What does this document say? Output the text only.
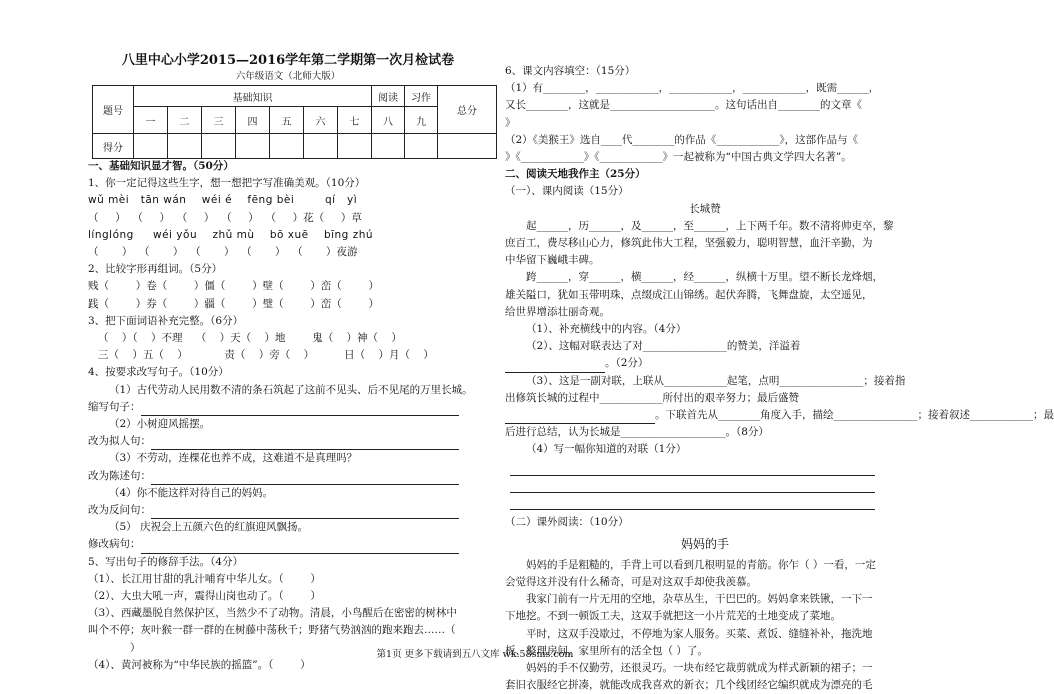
八里中心小学2015—2016学年第二学期第一次月检试卷
六年级语文（北师大版）
题号	基础知识							阅读	习作	总分
	一	二	三	四	五	六	七	八	九	
得分										
一、基础知识显才智。（50分）
1、你一定记得这些生字，想一想把字写准确美观。（10分）
wǔ mèi   tān wán    wéi é    fēng bèi        qí   yì
（     ）  （     ）  （     ）  （     ）  （     ）花（     ）草
línglóng     wéi yǒu    zhǔ mù    bō xuē    bīng zhú
（       ）  （       ）  （       ）  （       ）  （       ）夜游
2、比较字形再组词。（5分）
贱（        ）卷（        ）僵（        ）壁（        ）峦（        ）
践（        ）券（        ）疆（        ）璧（        ）峦（        ）
3、把下面词语补充完整。（6分）
（    ）（    ）不理    （    ）天（    ）地        鬼（    ）神（    ）
三（    ）五（    ）           责（    ）旁（    ）         日（    ）月（    ）
4、按要求改写句子。（10分）
（1）古代劳动人民用数不清的条石筑起了这前不见头、后不见尾的万里长城。
缩写句子：
（2）小树迎风摇摆。
改为拟人句：
（3）不劳动，连棵花也养不成，这难道不是真理吗？
改为陈述句：
（4）你不能这样对待自己的妈妈。
改为反问句：
（5） 庆祝会上五颜六色的红旗迎风飘扬。
修改病句：
5、写出句子的修辞手法。（4分）
（1）、长江用甘甜的乳汁哺育中华儿女。（        ）
（2）、大虫大吼一声，震得山岗也动了。（        ）
（3）、西藏墨脱自然保护区，当然少不了动物。清晨，小鸟醒后在密密的树林中
叫个不停；灰叶猴一群一群的在树藤中荡秋千；野猪气势汹汹的跑来跑去……（
）
（4）、黄河被称为“中华民族的摇篮”。（        ）
6、课文内容填空：（15分）
（1）有________，____________，____________，____________，既需______，
又长________，这就是____________________。这句话出自________的文章《
》
（2）《美猴王》选自____代________的作品《____________》，这部作品与《
》《____________》《____________》一起被称为“中国古典文学四大名著”。
二、阅读天地我作主（25分）
（一）、课内阅读（15分）
长城赞
起______，历______，及______，至______，上下两千年。数不清将帅吏卒，黎
庶百工，费尽移山心力，修筑此伟大工程，坚强毅力，聪明智慧，血汗辛勤，为
中华留下巍峨丰碑。
跨______，穿______，横______，经______，纵横十万里。望不断长龙烽烟，
雄关隘口，犹如玉带明珠，点缀成江山锦绣。起伏奔腾，飞舞盘旋，太空遥见，
给世界增添壮丽奇观。
（1）、补充横线中的内容。（4分）
（2）、这幅对联表达了对________________的赞美，洋溢着
。（2分）
（3）、这是一副对联，上联从____________起笔，点明________________；接着指
出修筑长城的过程中____________所付出的艰辛努力；最后盛赞
。下联首先从________角度入手，描绘________________；接着叙述____________；最
后进行总结，认为长城是____________________。（8分）
（4）写一幅你知道的对联（1分）
（二）课外阅读：（10分）
妈妈的手
妈妈的手是粗糙的，手背上可以看到几根明显的青筋。你乍（ ）一看，一定
会觉得这并没有什么稀奇，可是对这双手却使我羡慕。
我家门前有一片无用的空地，杂草丛生，干巴巴的。妈妈拿来铁锹，一下一
下地挖。不到一顿饭工夫，这双手就把这一小片荒芜的土地变成了菜地。
平时，这双手没歇过，不停地为家人服务。买菜、煮饭、缝缝补补，拖洗地
板、整理房间，家里所有的活全包（ ）了。
妈妈的手不仅勤劳，还很灵巧。一块布经它裁剪就成为样式新颖的裙子；一
套旧衣服经它拼凑，就能改成我喜欢的新衣；几个线团经它编织就成为漂亮的毛
第1页 更多下载请到五八文库 wk.58sms.com
